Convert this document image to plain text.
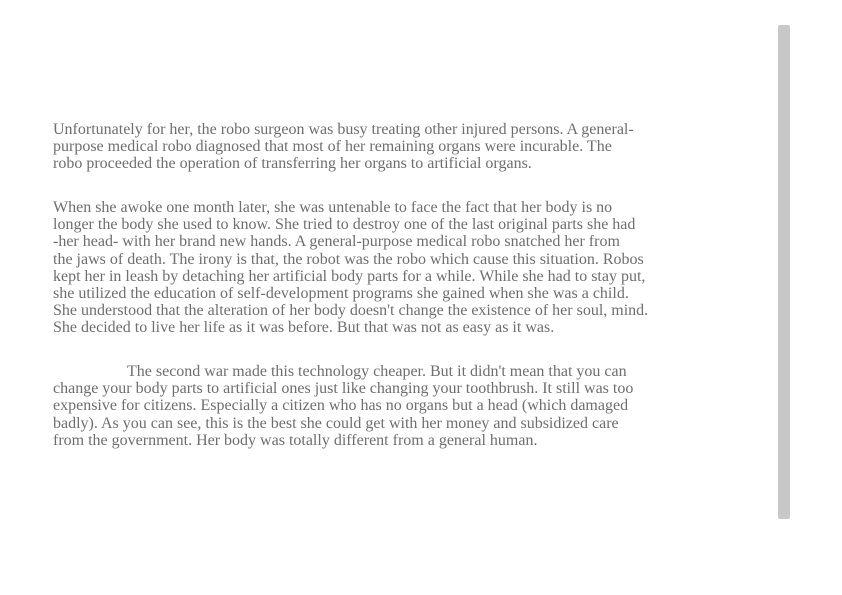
Unfortunately for her, the robo surgeon was busy treating other injured persons. A general-
purpose medical robo diagnosed that most of her remaining organs were incurable. The
robo proceeded the operation of transferring her organs to artificial organs.
When she awoke one month later, she was untenable to face the fact that her body is no
longer the body she used to know. She tried to destroy one of the last original parts she had
-her head- with her brand new hands. A general-purpose medical robo snatched her from
the jaws of death. The irony is that, the robot was the robo which cause this situation. Robos
kept her in leash by detaching her artificial body parts for a while. While she had to stay put,
she utilized the education of self-development programs she gained when she was a child.
She understood that the alteration of her body doesn't change the existence of her soul, mind.
She decided to live her life as it was before. But that was not as easy as it was.
The second war made this technology cheaper. But it didn't mean that you can
change your body parts to artificial ones just like changing your toothbrush. It still was too
expensive for citizens. Especially a citizen who has no organs but a head (which damaged
badly). As you can see, this is the best she could get with her money and subsidized care
from the government. Her body was totally different from a general human.
